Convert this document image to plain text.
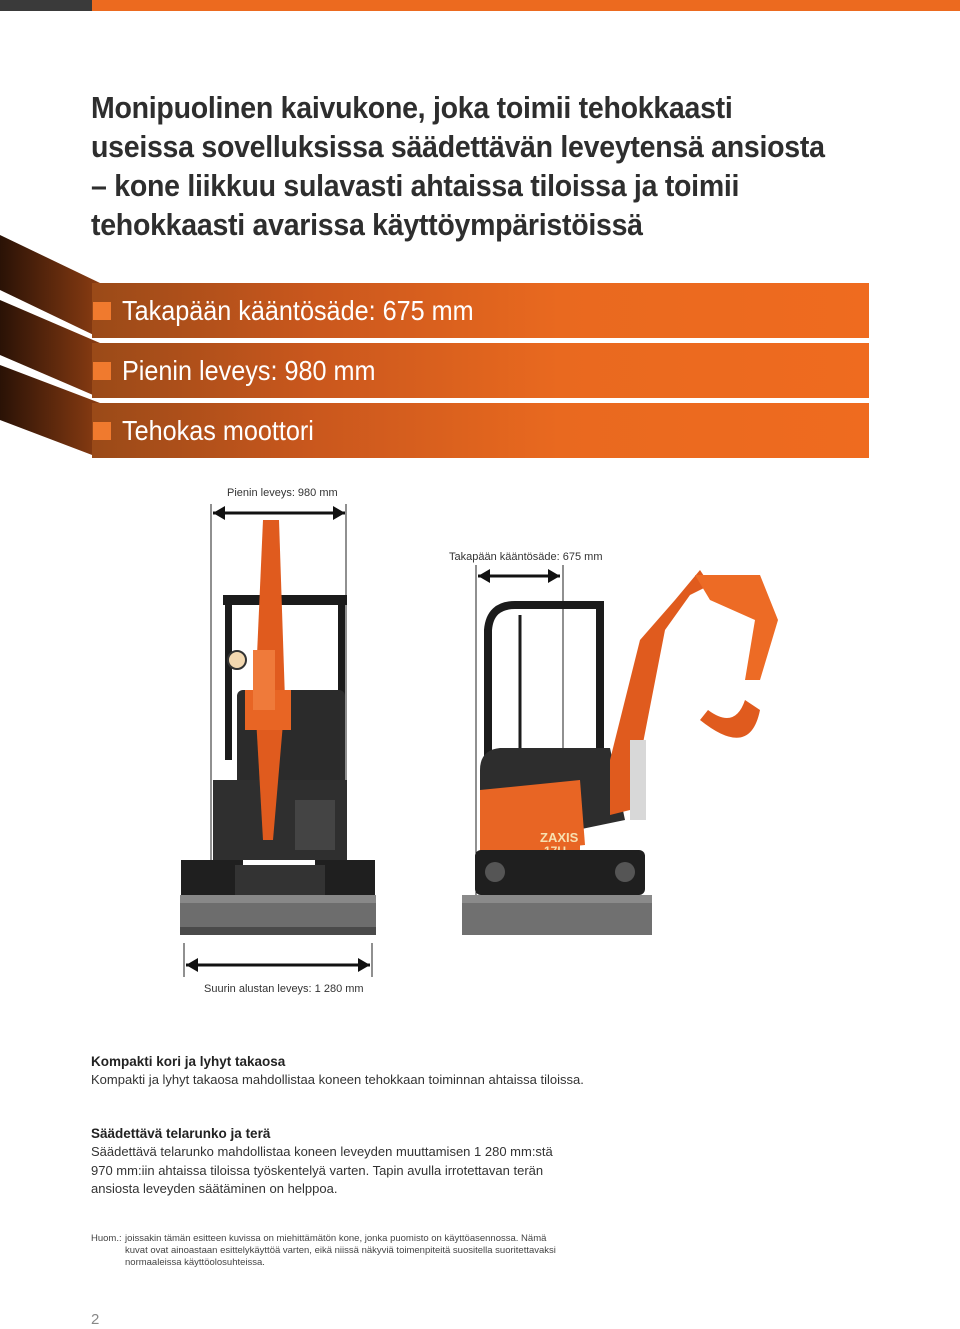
Monipuolinen kaivukone, joka toimii tehokkaasti useissa sovelluksissa säädettävän leveytensä ansiosta – kone liikkuu sulavasti ahtaissa tiloissa ja toimii tehokkaasti avarissa käyttöympäristöissä
Takapään kääntösäde: 675 mm
Pienin leveys: 980 mm
Tehokas moottori
Pienin leveys: 980 mm
Takapään kääntösäde: 675 mm
Suurin alustan leveys: 1 280 mm
ZAXIS
Kompakti kori ja lyhyt takaosa
Kompakti ja lyhyt takaosa mahdollistaa koneen tehokkaan toiminnan ahtaissa tiloissa.
Säädettävä telarunko ja terä
Säädettävä telarunko mahdollistaa koneen leveyden muuttamisen 1 280 mm:stä
970 mm:iin ahtaissa tiloissa työskentelyä varten. Tapin avulla irrotettavan terän
ansiosta leveyden säätäminen on helppoa.
Huom.: joissakin tämän esitteen kuvissa on miehittämätön kone, jonka puomisto on käyttöasennossa. Nämä
kuvat ovat ainoastaan esittelykäyttöä varten, eikä niissä näkyviä toimenpiteitä suositella suoritettavaksi
normaaleissa käyttöolosuhteissa.
2
